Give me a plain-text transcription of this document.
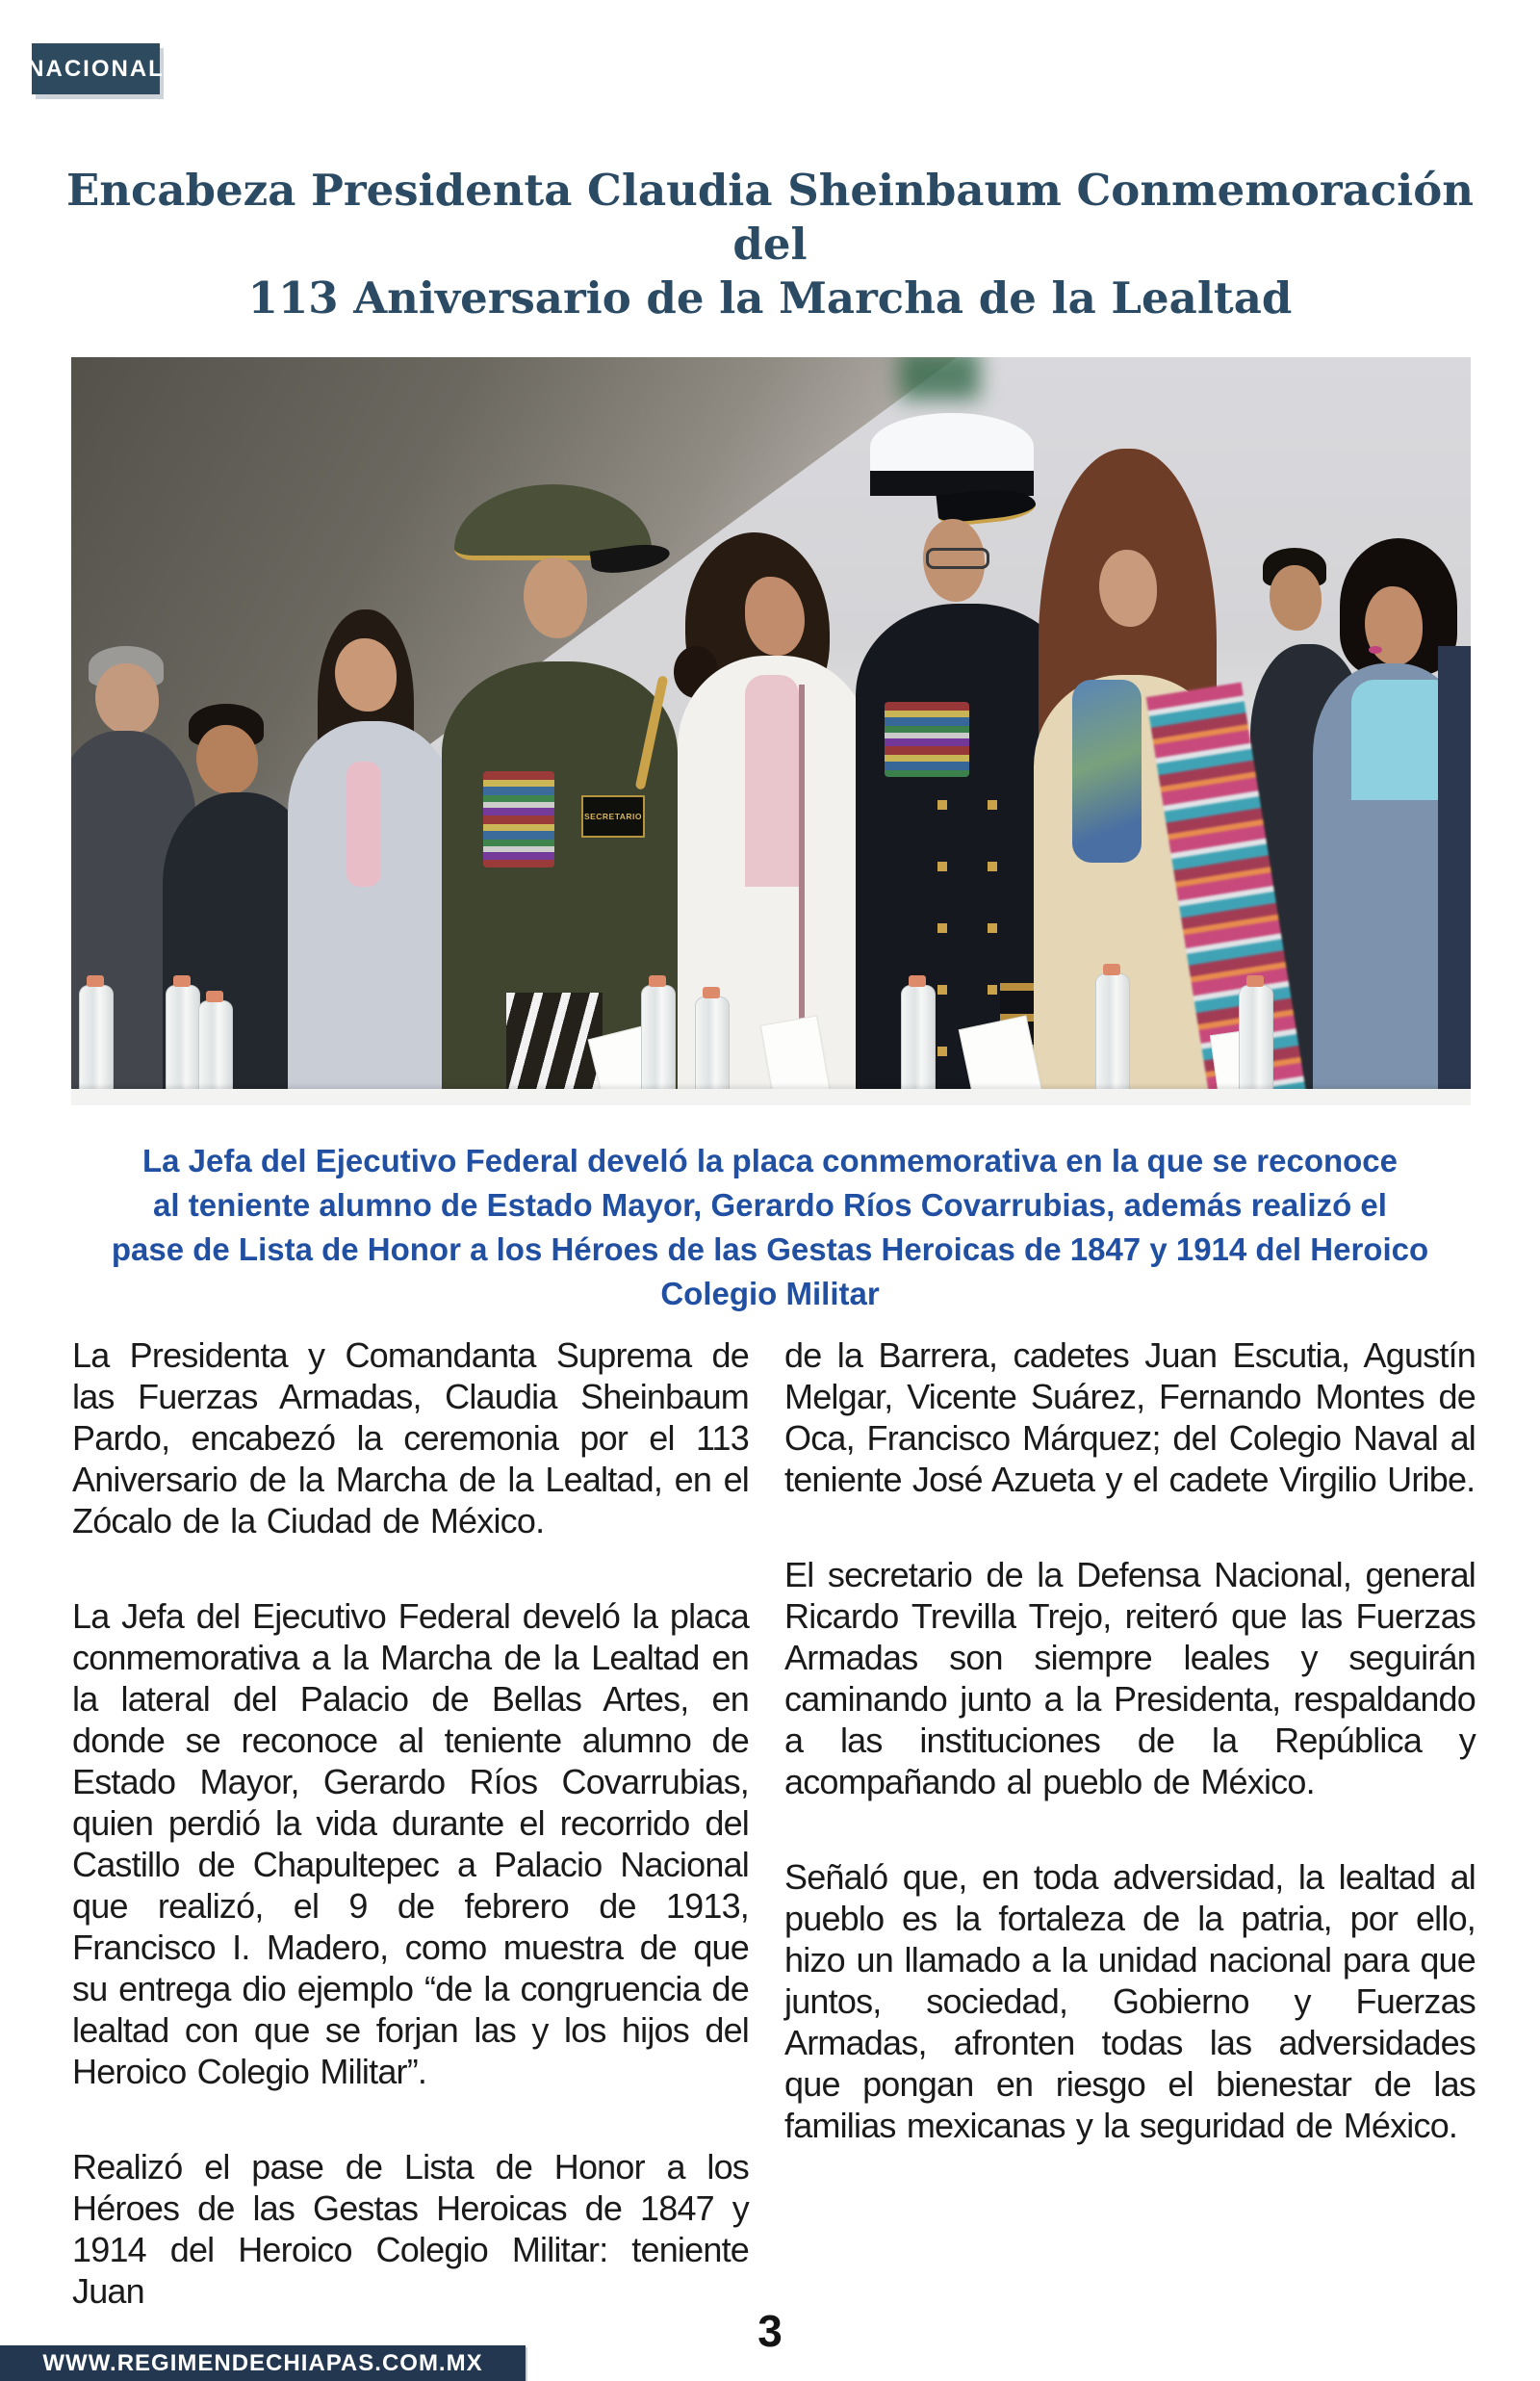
NACIONAL
Encabeza Presidenta Claudia Sheinbaum Conmemoración del
113 Aniversario de la Marcha de la Lealtad
SECRETARIO
La Jefa del Ejecutivo Federal develó la placa conmemorativa en la que se reconoce
al teniente alumno de Estado Mayor, Gerardo Ríos Covarrubias, además realizó el
pase de Lista de Honor a los Héroes de las Gestas Heroicas de 1847 y 1914 del Heroico
Colegio Militar

La Presidenta y Comandanta Suprema de las Fuerzas Armadas, Claudia Sheinbaum Pardo, encabezó la ceremonia por el 113 Aniversario de la Marcha de la Lealtad, en el Zócalo de la Ciudad de México.

La Jefa del Ejecutivo Federal develó la placa conmemorativa a la Marcha de la Lealtad en la lateral del Palacio de Bellas Artes, en donde se reconoce al teniente alumno de Estado Mayor, Gerardo Ríos Covarrubias, quien perdió la vida durante el recorrido del Castillo de Chapultepec a Palacio Nacional que realizó, el 9 de febrero de 1913, Francisco I. Madero, como muestra de que su entrega dio ejemplo “de la congruencia de lealtad con que se forjan las y los hijos del Heroico Colegio Militar”.

Realizó el pase de Lista de Honor a los Héroes de las Gestas Heroicas de 1847 y 1914 del Heroico Colegio Militar: teniente Juan

de la Barrera, cadetes Juan Escutia, Agustín Melgar, Vicente Suárez, Fernando Montes de Oca, Francisco Márquez; del Colegio Naval al teniente José Azueta y el cadete Virgilio Uribe.

El secretario de la Defensa Nacional, general Ricardo Trevilla Trejo, reiteró que las Fuerzas Armadas son siempre leales y seguirán caminando junto a la Presidenta, respaldando a las instituciones de la República y acompañando al pueblo de México.

Señaló que, en toda adversidad, la lealtad al pueblo es la fortaleza de la patria, por ello, hizo un llamado a la unidad nacional para que juntos, sociedad, Gobierno y Fuerzas Armadas, afronten todas las adversidades que pongan en riesgo el bienestar de las familias mexicanas y la seguridad de México.

3
WWW.REGIMENDECHIAPAS.COM.MX
